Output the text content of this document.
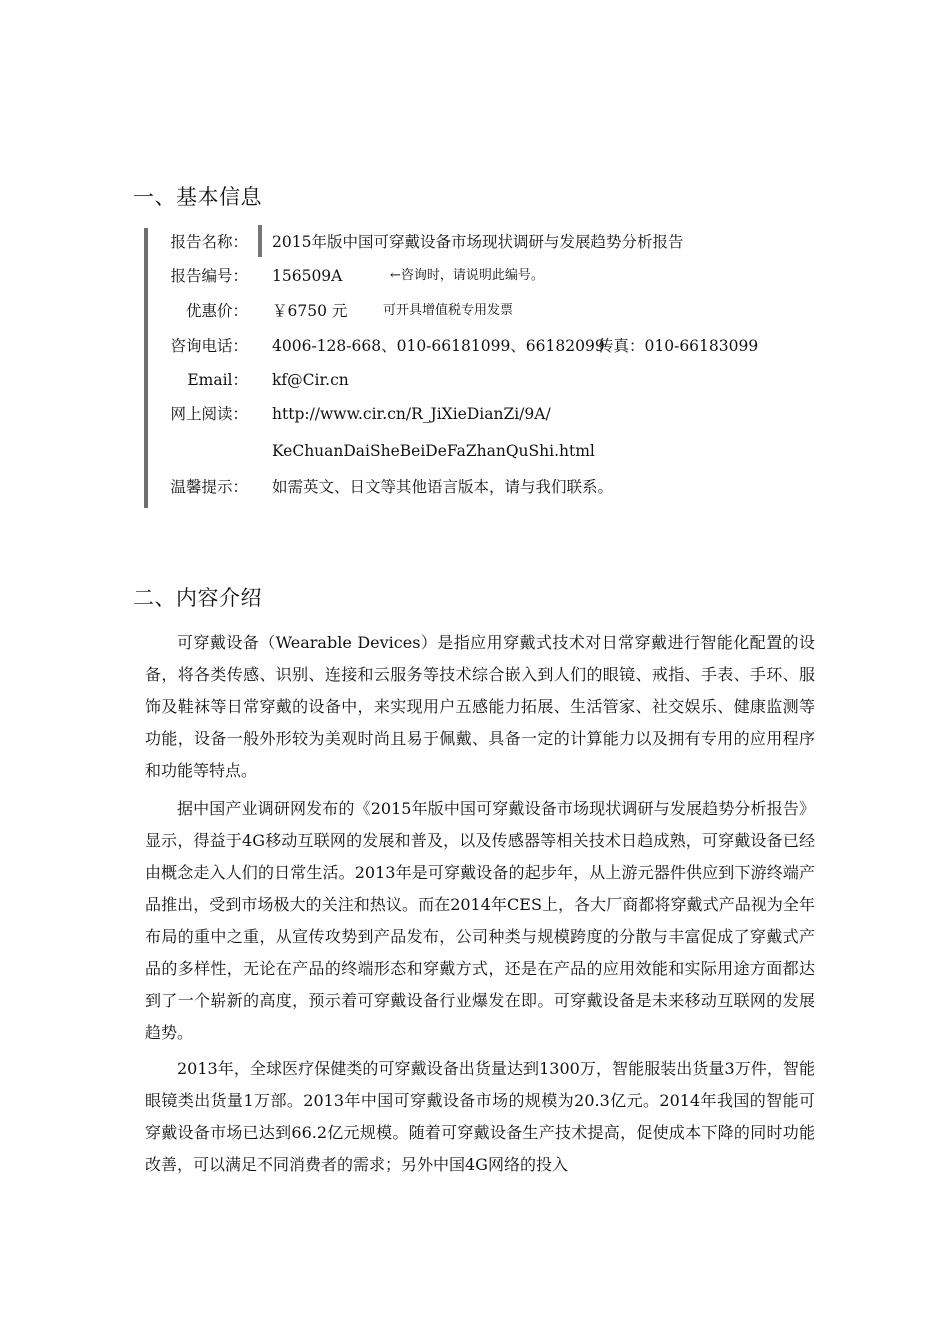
一、基本信息
报告名称： 2015年版中国可穿戴设备市场现状调研与发展趋势分析报告
报告编号： 156509A	←咨询时，请说明此编号。
优惠价： ￥6750 元	可开具增值税专用发票
咨询电话： 4006-128-668、010-66181099、66182099
传真：010-66183099
Email： kf@Cir.cn
网上阅读： http://www.cir.cn/R_JiXieDianZi/9A/
KeChuanDaiSheBeiDeFaZhanQuShi.html
温馨提示： 如需英文、日文等其他语言版本，请与我们联系。
二、内容介绍

可穿戴设备（Wearable Devices）是指应用穿戴式技术对日常穿戴进行智能化配置的设备，将各类传感、识别、连接和云服务等技术综合嵌入到人们的眼镜、戒指、手表、手环、服饰及鞋袜等日常穿戴的设备中，来实现用户五感能力拓展、生活管家、社交娱乐、健康监测等功能，设备一般外形较为美观时尚且易于佩戴、具备一定的计算能力以及拥有专用的应用程序和功能等特点。

据中国产业调研网发布的《2015年版中国可穿戴设备市场现状调研与发展趋势分析报告》显示，得益于4G移动互联网的发展和普及，以及传感器等相关技术日趋成熟，可穿戴设备已经由概念走入人们的日常生活。2013年是可穿戴设备的起步年，从上游元器件供应到下游终端产品推出，受到市场极大的关注和热议。而在2014年CES上，各大厂商都将穿戴式产品视为全年布局的重中之重，从宣传攻势到产品发布，公司种类与规模跨度的分散与丰富促成了穿戴式产品的多样性，无论在产品的终端形态和穿戴方式，还是在产品的应用效能和实际用途方面都达到了一个崭新的高度，预示着可穿戴设备行业爆发在即。可穿戴设备是未来移动互联网的发展趋势。

2013年，全球医疗保健类的可穿戴设备出货量达到1300万，智能服装出货量3万件，智能眼镜类出货量1万部。2013年中国可穿戴设备市场的规模为20.3亿元。2014年我国的智能可穿戴设备市场已达到66.2亿元规模。随着可穿戴设备生产技术提高，促使成本下降的同时功能改善，可以满足不同消费者的需求；另外中国4G网络的投入
